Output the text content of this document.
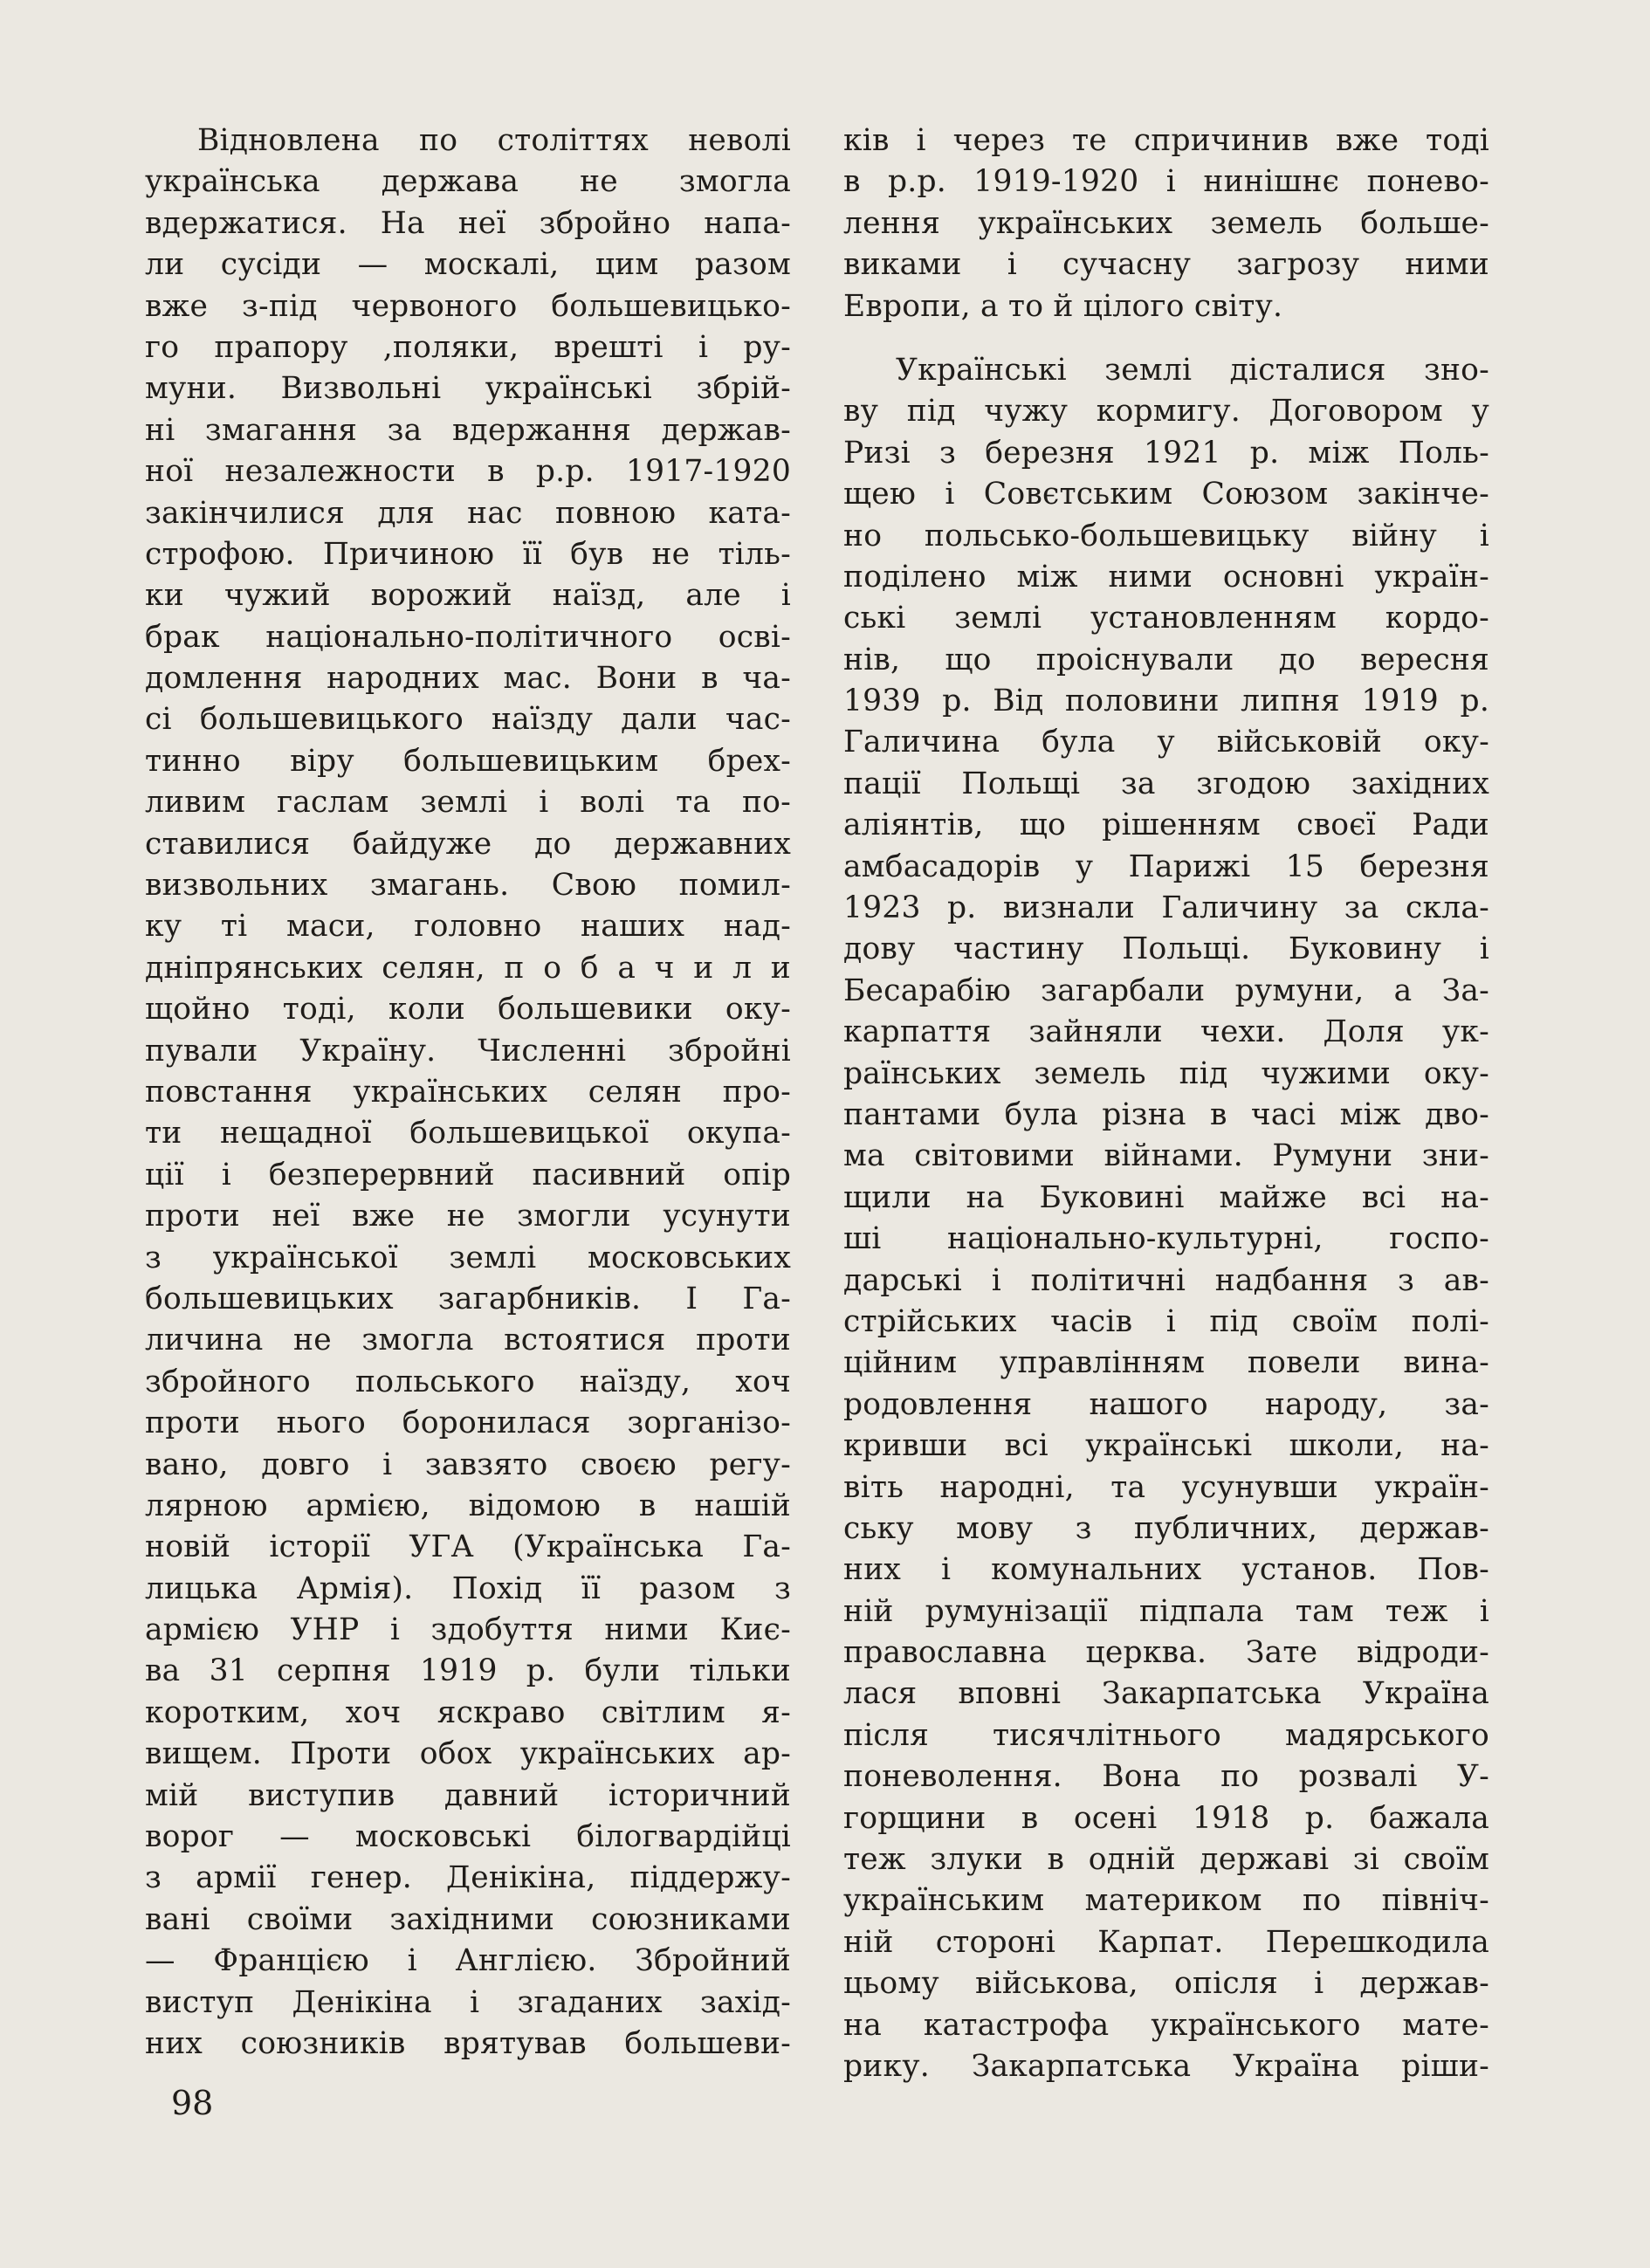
Відновлена по століттях неволі
українська держава не змогла
вдержатися. На неї збройно напа-
ли сусіди — москалі, цим разом
вже з-під червоного большевицько-
го прапору ,поляки, врешті і ру-
муни. Визвольні українські збрій-
ні змагання за вдержання держав-
ної незалежности в р.р. 1917-1920
закінчилися для нас повною ката-
строфою. Причиною її був не тіль-
ки чужий ворожий наїзд, але і
брак національно-політичного осві-
домлення народних мас. Вони в ча-
сі большевицького наїзду дали час-
тинно віру большевицьким брех-
ливим гаслам землі і волі та по-
ставилися байдуже до державних
визвольних змагань. Свою помил-
ку ті маси, головно наших над-
дніпрянських селян, п о б а ч и л и
щойно тоді, коли большевики оку-
пували Україну. Численні збройні
повстання українських селян про-
ти нещадної большевицької окупа-
ції і безперервний пасивний опір
проти неї вже не змогли усунути
з української землі московських
большевицьких загарбників. І Га-
личина не змогла встоятися проти
збройного польського наїзду, хоч
проти нього боронилася зорганізо-
вано, довго і завзято своєю регу-
лярною армією, відомою в нашій
новій історії УГА (Українська Га-
лицька Армія). Похід її разом з
армією УНР і здобуття ними Киє-
ва 31 серпня 1919 р. були тільки
коротким, хоч яскраво світлим я-
вищем. Проти обох українських ар-
мій виступив давний історичний
ворог — московські білогвардійці
з армії генер. Денікіна, піддержу-
вані своїми західними союзниками
— Францією і Англією. Збройний
виступ Денікіна і згаданих захід-
них союзників врятував большеви-
ків і через те спричинив вже тоді
в р.р. 1919-1920 і нинішнє понево-
лення українських земель больше-
виками і сучасну загрозу ними
Европи, а то й цілого світу.
Українські землі дісталися зно-
ву під чужу кормигу. Договором у
Ризі з березня 1921 р. між Поль-
щею і Совєтським Союзом закінче-
но польсько-большевицьку війну і
поділено між ними основні україн-
ські землі установленням кордо-
нів, що проіснували до вересня
1939 р. Від половини липня 1919 р.
Галичина була у військовій оку-
пації Польщі за згодою західних
аліянтів, що рішенням своєї Ради
амбасадорів у Парижі 15 березня
1923 р. визнали Галичину за скла-
дову частину Польщі. Буковину і
Бесарабію загарбали румуни, а За-
карпаття зайняли чехи. Доля ук-
раїнських земель під чужими оку-
пантами була різна в часі між дво-
ма світовими війнами. Румуни зни-
щили на Буковині майже всі на-
ші національно-культурні, госпо-
дарські і політичні надбання з ав-
стрійських часів і під своїм полі-
ційним управлінням повели вина-
родовлення нашого народу, за-
кривши всі українські школи, на-
віть народні, та усунувши україн-
ську мову з публичних, держав-
них і комунальних установ. Пов-
ній румунізації підпала там теж і
православна церква. Зате відроди-
лася вповні Закарпатська Україна
після тисячлітнього мадярського
поневолення. Вона по розвалі У-
горщини в осені 1918 р. бажала
теж злуки в одній державі зі своїм
українським материком по північ-
ній стороні Карпат. Перешкодила
цьому військова, опісля і держав-
на катастрофа українського мате-
рику. Закарпатська Україна ріши-
98
